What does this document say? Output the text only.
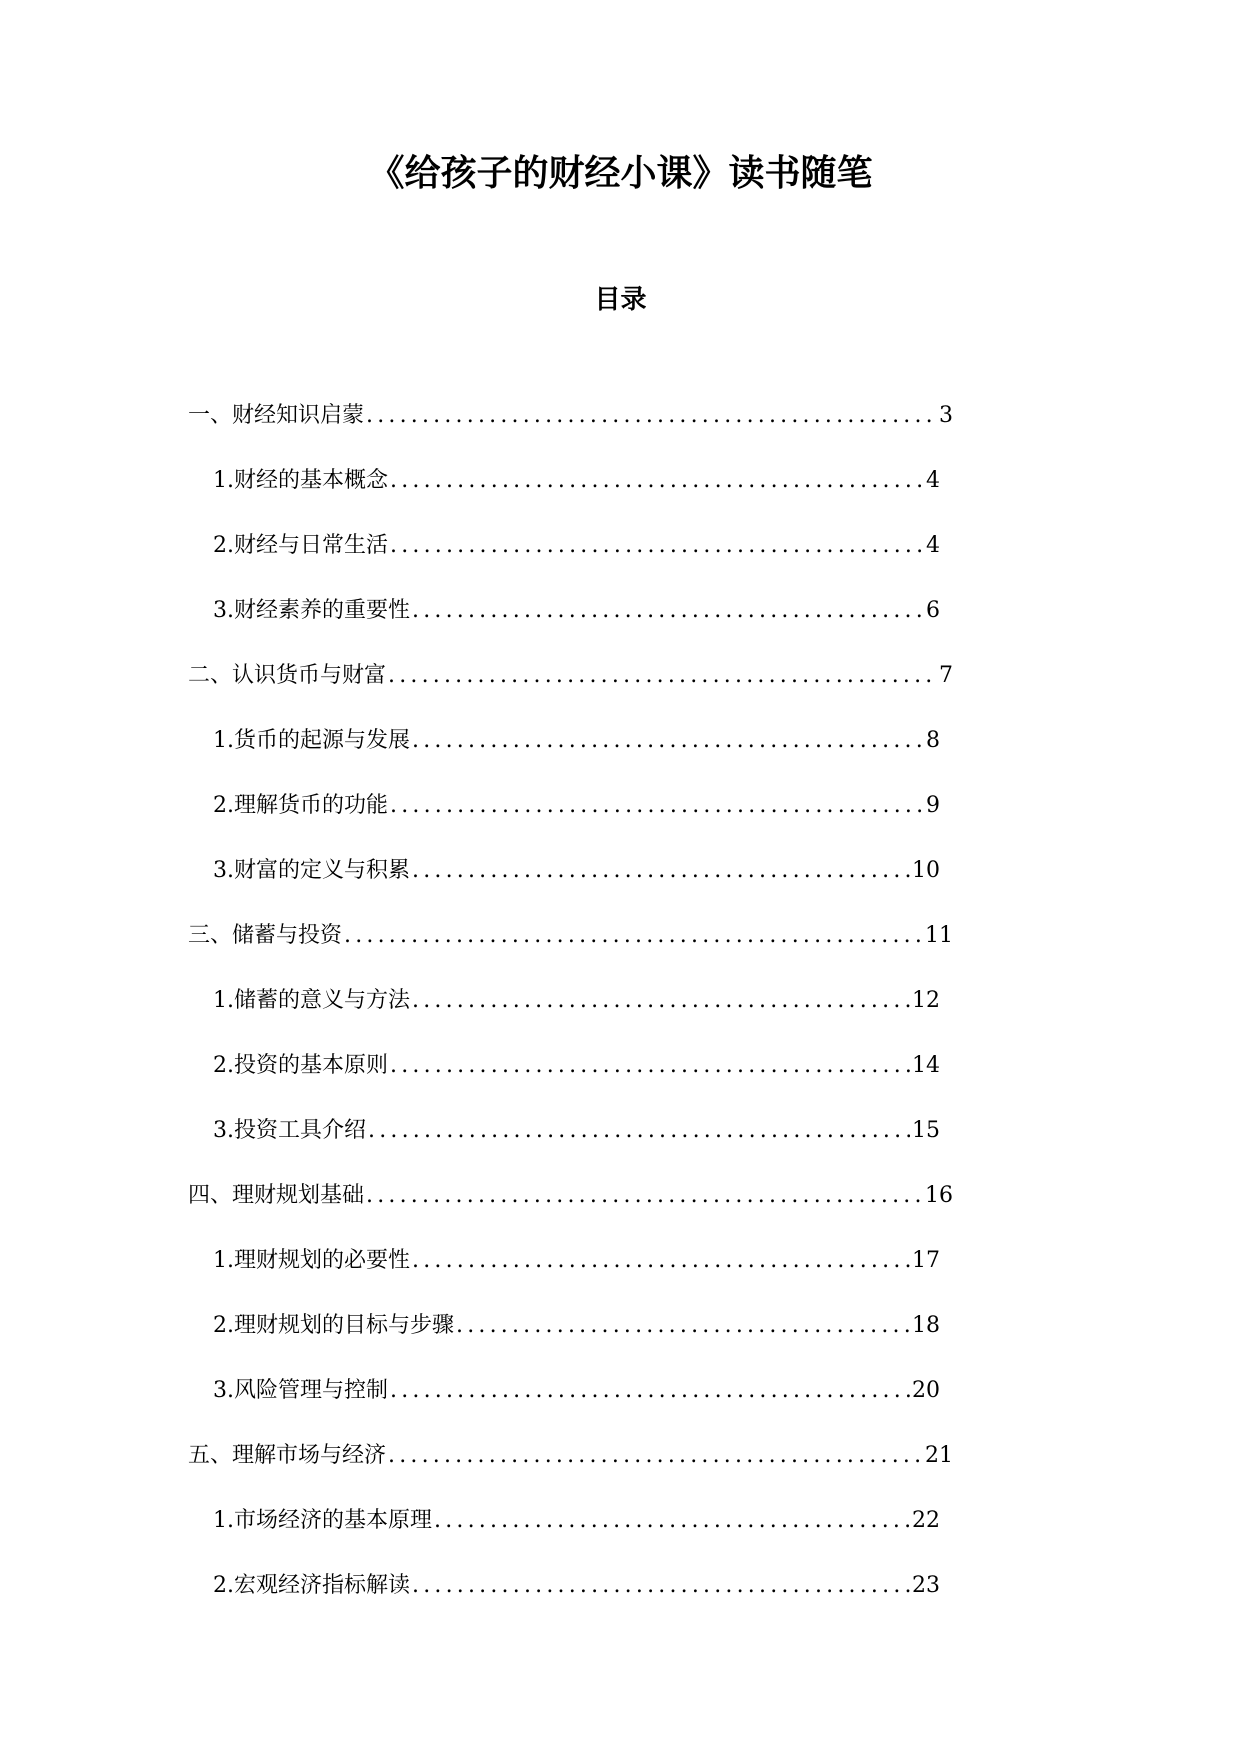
《给孩子的财经小课》读书随笔
目录
一、财经知识启蒙 .....	3
1. 财经的基本概念 .....	4
2. 财经与日常生活 .....	4
3. 财经素养的重要性 .....	6
二、认识货币与财富 .....	7
1. 货币的起源与发展 .....	8
2. 理解货币的功能 .....	9
3. 财富的定义与积累 .....	10
三、储蓄与投资 .....	11
1. 储蓄的意义与方法 .....	12
2. 投资的基本原则 .....	14
3. 投资工具介绍 .....	15
四、理财规划基础 .....	16
1. 理财规划的必要性 .....	17
2. 理财规划的目标与步骤 .....	18
3. 风险管理与控制 .....	20
五、理解市场与经济 .....	21
1. 市场经济的基本原理 .....	22
2. 宏观经济指标解读 .....	23
